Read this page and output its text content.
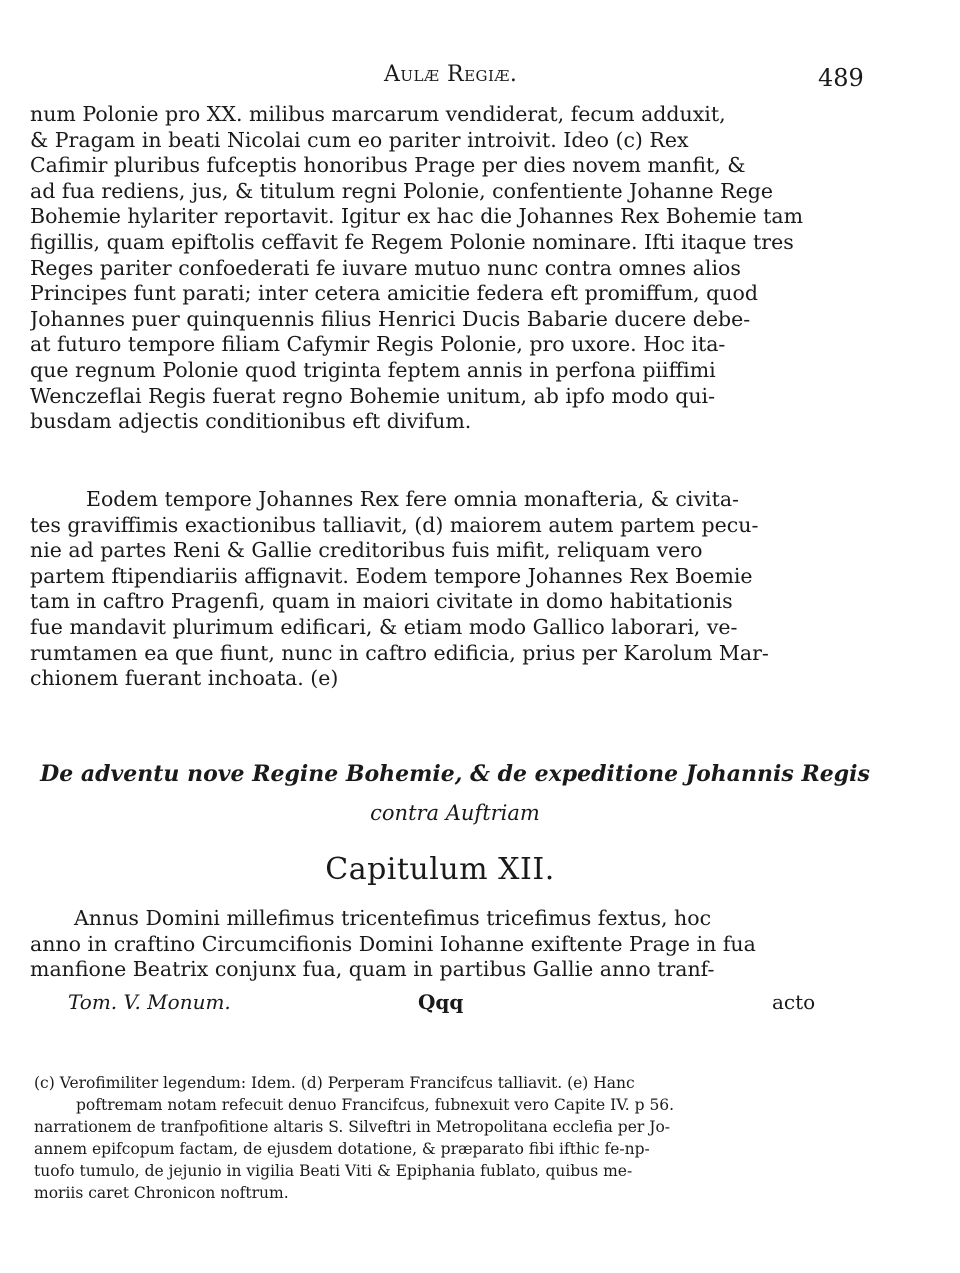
Aulæ Regiæ.	489
num Polonie pro XX. milibus marcarum vendiderat, fecum adduxit,
& Pragam in beati Nicolai cum eo pariter introivit. Ideo (c) Rex
Cafimir pluribus fufceptis honoribus Prage per dies novem manfit, &
ad fua rediens, jus, & titulum regni Polonie, confentiente Johanne Rege
Bohemie hylariter reportavit. Igitur ex hac die Johannes Rex Bohemie tam
figillis, quam epiftolis ceffavit fe Regem Polonie nominare. Ifti itaque tres
Reges pariter confoederati fe iuvare mutuo nunc contra omnes alios
Principes funt parati; inter cetera amicitie federa eft promiffum, quod
Johannes puer quinquennis filius Henrici Ducis Babarie ducere debe-
at futuro tempore filiam Cafymir Regis Polonie, pro uxore. Hoc ita-
que regnum Polonie quod triginta feptem annis in perfona piiffimi
Wenczeflai Regis fuerat regno Bohemie unitum, ab ipfo modo qui-
busdam adjectis conditionibus eft divifum.
Eodem tempore Johannes Rex fere omnia monafteria, & civita-
tes graviffimis exactionibus talliavit, (d) maiorem autem partem pecu-
nie ad partes Reni & Gallie creditoribus fuis mifit, reliquam vero
partem ftipendiariis affignavit. Eodem tempore Johannes Rex Boemie
tam in caftro Pragenfi, quam in maiori civitate in domo habitationis
fue mandavit plurimum edificari, & etiam modo Gallico laborari, ve-
rumtamen ea que fiunt, nunc in caftro edificia, prius per Karolum Mar-
chionem fuerant inchoata. (e)
De adventu nove Regine Bohemie, & de expeditione Johannis Regis
contra Auftriam
Capitulum XII.
Annus Domini millefimus tricentefimus tricefimus fextus, hoc
anno in craftino Circumcifionis Domini Iohanne exiftente Prage in fua
manfione Beatrix conjunx fua, quam in partibus Gallie anno tranf-
Tom. V. Monum.	Qqq	acto
(c) Verofimiliter legendum: Idem. (d) Perperam Francifcus talliavit. (e) Hanc
poftremam notam refecuit denuo Francifcus, fubnexuit vero Capite IV. p 56.
narrationem de tranfpofitione altaris S. Silveftri in Metropolitana ecclefia per Jo-
annem epifcopum factam, de ejusdem dotatione, & præparato fibi ifthic fe-np-
tuofo tumulo, de jejunio in vigilia Beati Viti & Epiphania fublato, quibus me-
moriis caret Chronicon noftrum.
